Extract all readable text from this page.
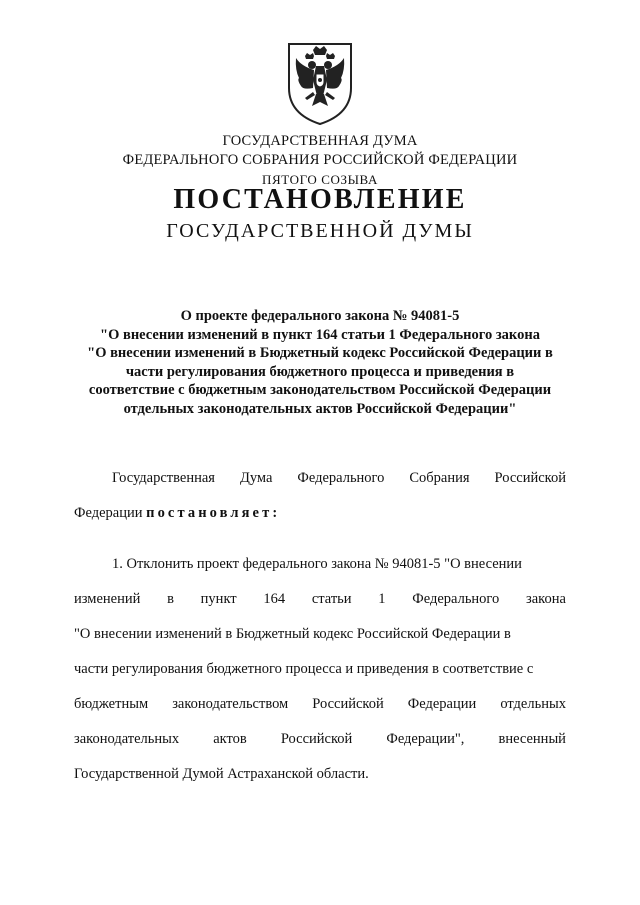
ГОСУДАРСТВЕННАЯ ДУМА
ФЕДЕРАЛЬНОГО СОБРАНИЯ РОССИЙСКОЙ ФЕДЕРАЦИИ
ПЯТОГО СОЗЫВА
ПОСТАНОВЛЕНИЕ
ГОСУДАРСТВЕННОЙ ДУМЫ
О проекте федерального закона № 94081-5
"О внесении изменений в пункт 164 статьи 1 Федерального закона
"О внесении изменений в Бюджетный кодекс Российской Федерации в
части регулирования бюджетного процесса и приведения в
соответствие с бюджетным законодательством Российской Федерации
отдельных законодательных актов Российской Федерации"
Государственная Дума Федерального Собрания Российской
Федерации постановляет:
1. Отклонить проект федерального закона № 94081-5 "О внесении
изменений в пункт 164 статьи 1 Федерального закона
"О внесении изменений в Бюджетный кодекс Российской Федерации в
части регулирования бюджетного процесса и приведения в соответствие с
бюджетным законодательством Российской Федерации отдельных
законодательных актов Российской Федерации", внесенный
Государственной Думой Астраханской области.
